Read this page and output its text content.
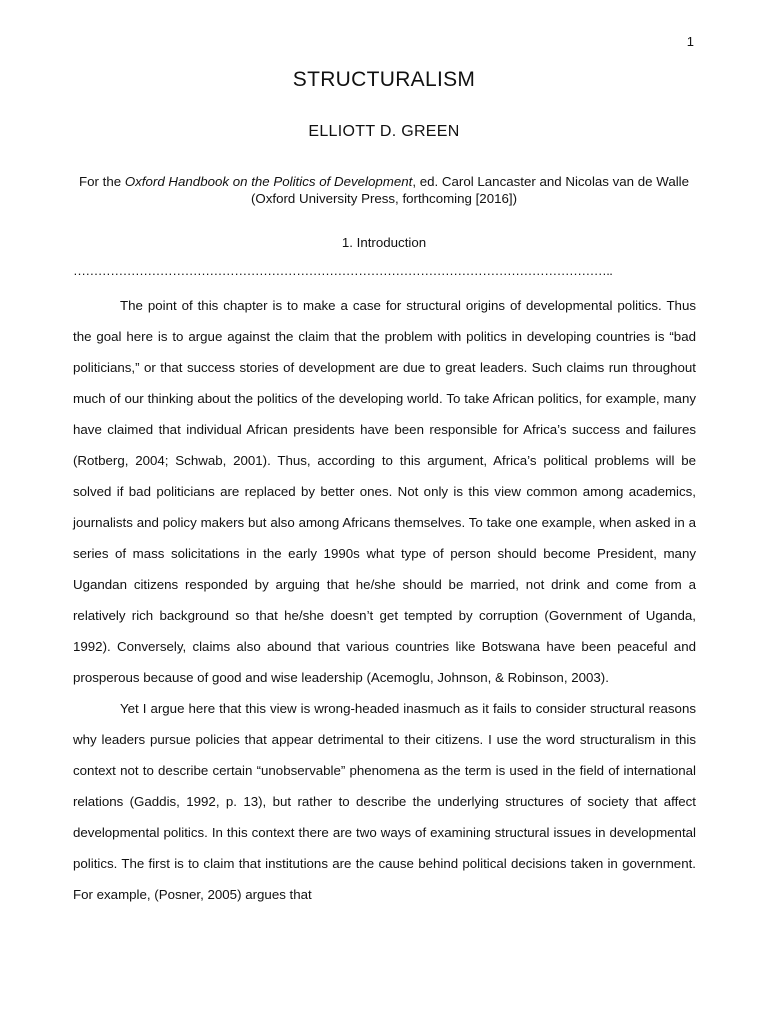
1
STRUCTURALISM
ELLIOTT D. GREEN
For the Oxford Handbook on the Politics of Development, ed. Carol Lancaster and Nicolas van de Walle (Oxford University Press, forthcoming [2016])
1. Introduction
…………………………………………………………………………………………………………………..

The point of this chapter is to make a case for structural origins of developmental politics. Thus the goal here is to argue against the claim that the problem with politics in developing countries is “bad politicians,” or that success stories of development are due to great leaders. Such claims run throughout much of our thinking about the politics of the developing world. To take African politics, for example, many have claimed that individual African presidents have been responsible for Africa’s success and failures (Rotberg, 2004; Schwab, 2001). Thus, according to this argument, Africa’s political problems will be solved if bad politicians are replaced by better ones. Not only is this view common among academics, journalists and policy makers but also among Africans themselves. To take one example, when asked in a series of mass solicitations in the early 1990s what type of person should become President, many Ugandan citizens responded by arguing that he/she should be married, not drink and come from a relatively rich background so that he/she doesn’t get tempted by corruption (Government of Uganda, 1992). Conversely, claims also abound that various countries like Botswana have been peaceful and prosperous because of good and wise leadership (Acemoglu, Johnson, & Robinson, 2003).

Yet I argue here that this view is wrong-headed inasmuch as it fails to consider structural reasons why leaders pursue policies that appear detrimental to their citizens. I use the word structuralism in this context not to describe certain “unobservable” phenomena as the term is used in the field of international relations (Gaddis, 1992, p. 13), but rather to describe the underlying structures of society that affect developmental politics. In this context there are two ways of examining structural issues in developmental politics. The first is to claim that institutions are the cause behind political decisions taken in government. For example, (Posner, 2005) argues that
